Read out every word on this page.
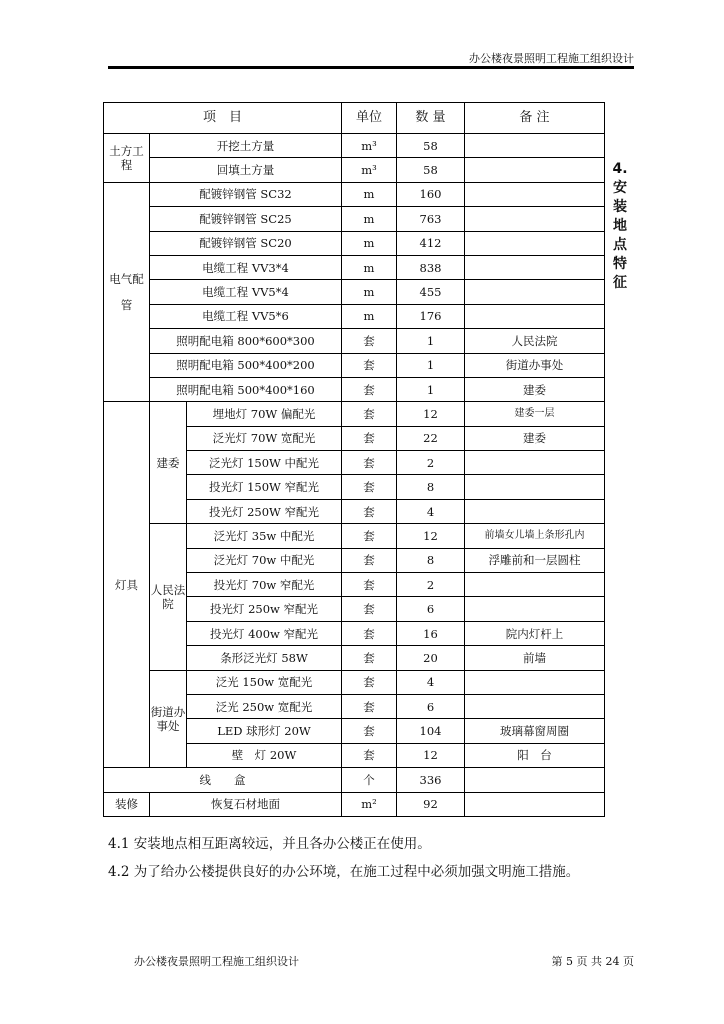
办公楼夜景照明工程施工组织设计
4.安装地点特征
项　目			单位	数 量	备 注
土方工程	开挖土方量		m³	58	
	回填土方量		m³	58	
电气配管	配镀锌钢管 SC32		m	160	
	配镀锌钢管 SC25		m	763	
	配镀锌钢管 SC20		m	412	
	电缆工程 VV3*4		m	838	
	电缆工程 VV5*4		m	455	
	电缆工程 VV5*6		m	176	
	照明配电箱 800*600*300		套	1	人民法院
	照明配电箱 500*400*200		套	1	街道办事处
	照明配电箱 500*400*160		套	1	建委
灯具	建委	埋地灯 70W 偏配光	套	12	建委一层
		泛光灯 70W 宽配光	套	22	建委
		泛光灯 150W 中配光	套	2	
		投光灯 150W 窄配光	套	8	
		投光灯 250W 窄配光	套	4	
	人民法院	泛光灯 35w 中配光	套	12	前墙女儿墙上条形孔内
		泛光灯 70w 中配光	套	8	浮雕前和一层圆柱
		投光灯 70w 窄配光	套	2	
		投光灯 250w 窄配光	套	6	
		投光灯 400w 窄配光	套	16	院内灯杆上
		条形泛光灯 58W	套	20	前墙
	街道办事处	泛光 150w 宽配光	套	4	
		泛光 250w 宽配光	套	6	
		LED 球形灯 20W	套	104	玻璃幕窗周圈
		壁　灯 20W	套	12	阳　台
线　　盒			个	336	
装修	恢复石材地面		m²	92	
4.1 安装地点相互距离较远，并且各办公楼正在使用。
4.2 为了给办公楼提供良好的办公环境，在施工过程中必须加强文明施工措施。
办公楼夜景照明工程施工组织设计	第 5 页 共 24 页
